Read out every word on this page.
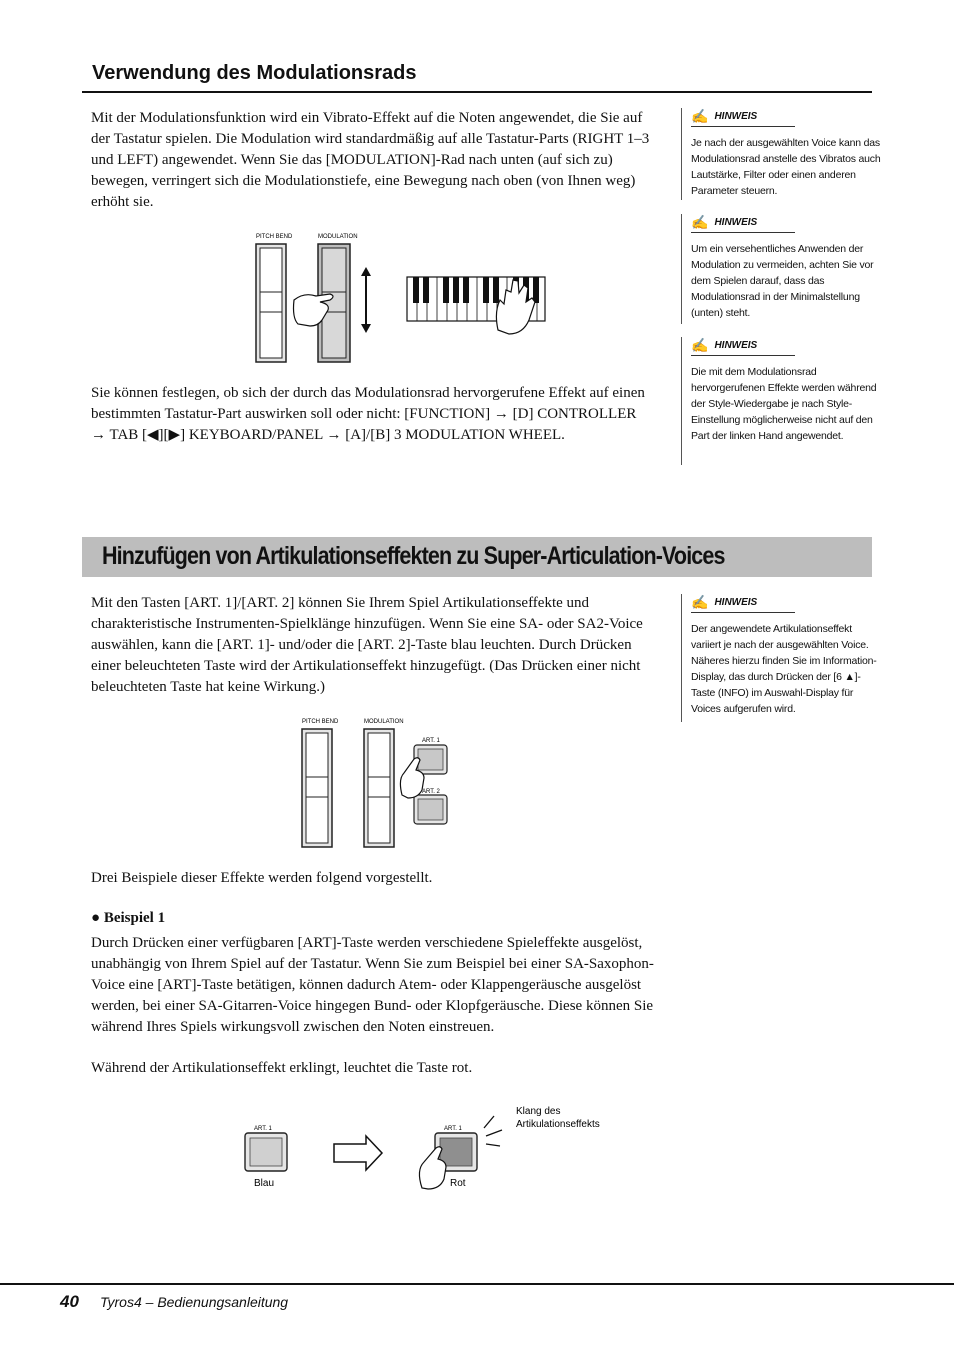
Verwendung des Modulationsrads

Mit der Modulationsfunktion wird ein Vibrato-Effekt auf die Noten angewendet, die Sie auf der Tastatur spielen. Die Modulation wird standardmäßig auf alle Tastatur-Parts (RIGHT 1–3 und LEFT) angewendet. Wenn Sie das [MODULATION]-Rad nach unten (auf sich zu) bewegen, verringert sich die Modulationstiefe, eine Bewegung nach oben (von Ihnen weg) erhöht sie.

PITCH BEND	MODULATION

Sie können festlegen, ob sich der durch das Modulationsrad hervorgerufene Effekt auf einen bestimmten Tastatur-Part auswirken soll oder nicht: [FUNCTION] → [D] CONTROLLER → TAB [◀][▶] KEYBOARD/PANEL → [A]/[B] 3 MODULATION WHEEL.

✍ HINWEIS
Je nach der ausgewählten Voice kann das Modulationsrad anstelle des Vibratos auch Lautstärke, Filter oder einen anderen Parameter steuern.
✍ HINWEIS
Um ein versehentliches Anwenden der Modulation zu vermeiden, achten Sie vor dem Spielen darauf, dass das Modulationsrad in der Minimalstellung (unten) steht.
✍ HINWEIS
Die mit dem Modulationsrad hervorgerufenen Effekte werden während der Style-Wiedergabe je nach Style-Einstellung möglicherweise nicht auf den Part der linken Hand angewendet.
Hinzufügen von Artikulationseffekten zu Super-Articulation-Voices

Mit den Tasten [ART. 1]/[ART. 2] können Sie Ihrem Spiel Artikulationseffekte und charakteristische Instrumenten-Spielklänge hinzufügen. Wenn Sie eine SA- oder SA2-Voice auswählen, kann die [ART. 1]- und/oder die [ART. 2]-Taste blau leuchten. Durch Drücken einer beleuchteten Taste wird der Artikulationseffekt hinzugefügt. (Das Drücken einer nicht beleuchteten Taste hat keine Wirkung.)

✍ HINWEIS
Der angewendete Artikulationseffekt variiert je nach der ausgewählten Voice. Näheres hierzu finden Sie im Information-Display, das durch Drücken der [6 ▲]-Taste (INFO) im Auswahl-Display für Voices aufgerufen wird.
PITCH BEND	MODULATION
ART. 1
ART. 2

Drei Beispiele dieser Effekte werden folgend vorgestellt.

● Beispiel 1

Durch Drücken einer verfügbaren [ART]-Taste werden verschiedene Spieleffekte ausgelöst, unabhängig von Ihrem Spiel auf der Tastatur. Wenn Sie zum Beispiel bei einer SA-Saxophon-Voice eine [ART]-Taste betätigen, können dadurch Atem- oder Klappengeräusche ausgelöst werden, bei einer SA-Gitarren-Voice hingegen Bund- oder Klopfgeräusche. Diese können Sie während Ihres Spiels wirkungsvoll zwischen den Noten einstreuen.

Während der Artikulationseffekt erklingt, leuchtet die Taste rot.

ART. 1
Blau
ART. 1
Rot
Klang des
Artikulationseffekts
40 Tyros4 – Bedienungsanleitung
